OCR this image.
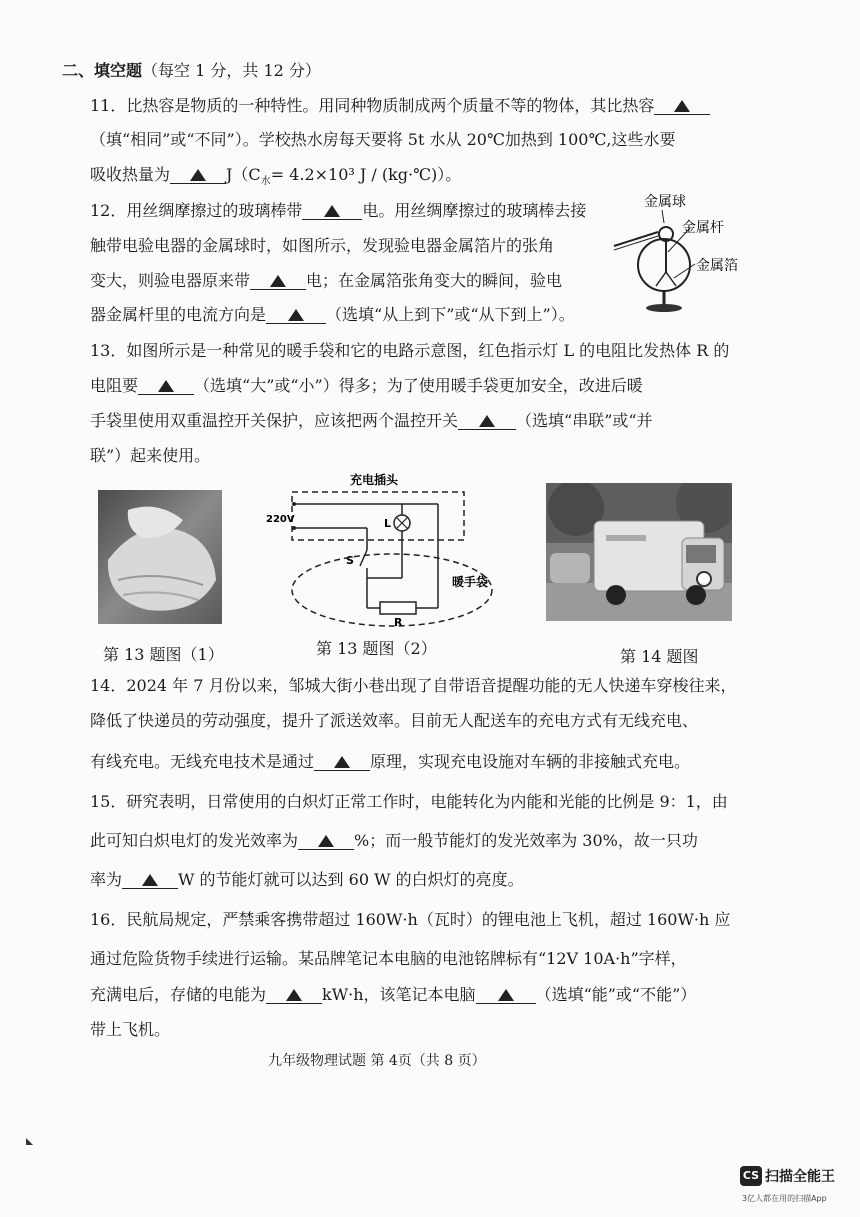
二、填空题（每空 1 分，共 12 分）
11．比热容是物质的一种特性。用同种物质制成两个质量不等的物体，其比热容
（填“相同”或“不同”）。学校热水房每天要将 5t 水从 20℃加热到 100℃,这些水要
吸收热量为	$J(C_水= 4.2\times 10^3$ J / (kg·℃)）。
12．用丝绸摩擦过的玻璃棒带	电。用丝绸摩擦过的玻璃棒去接
触带电验电器的金属球时，如图所示，发现验电器金属箔片的张角
变大，则验电器原来带	电；在金属箔张角变大的瞬间，验电
器金属杆里的电流方向是	（选填“从上到下”或“从下到上”）。
金属球
金属杆
金属箔
13．如图所示是一种常见的暖手袋和它的电路示意图，红色指示灯 L 的电阻比发热体 R 的
电阻要	（选填“大”或“小”）得多；为了使用暖手袋更加安全，改进后暖
手袋里使用双重温控开关保护，应该把两个温控开关	（选填“串联”或“并
联”）起来使用。
充电插头
220V	L
S
R
暖手袋
第 13 题图（1）	第 13 题图（2）	第 14 题图
14．2024 年 7 月份以来，邹城大街小巷出现了自带语音提醒功能的无人快递车穿梭往来，
降低了快递员的劳动强度，提升了派送效率。目前无人配送车的充电方式有无线充电、
有线充电。无线充电技术是通过	原理，实现充电设施对车辆的非接触式充电。
15．研究表明，日常使用的白炽灯正常工作时，电能转化为内能和光能的比例是 9：1，由
此可知白炽电灯的发光效率为	%；而一般节能灯的发光效率为 30%，故一只功
率为	W 的节能灯就可以达到 60 W 的白炽灯的亮度。
16．民航局规定，严禁乘客携带超过 160W·h（瓦时）的锂电池上飞机，超过 160W·h 应
通过危险货物手续进行运输。某品牌笔记本电脑的电池铭牌标有“12V 10A·h”字样，
充满电后，存储的电能为	kW·h，该笔记本电脑	（选填“能”或“不能”）
带上飞机。
九年级物理试题 第 4页（共 8 页）
CS 扫描全能王
3亿人都在用的扫描App
